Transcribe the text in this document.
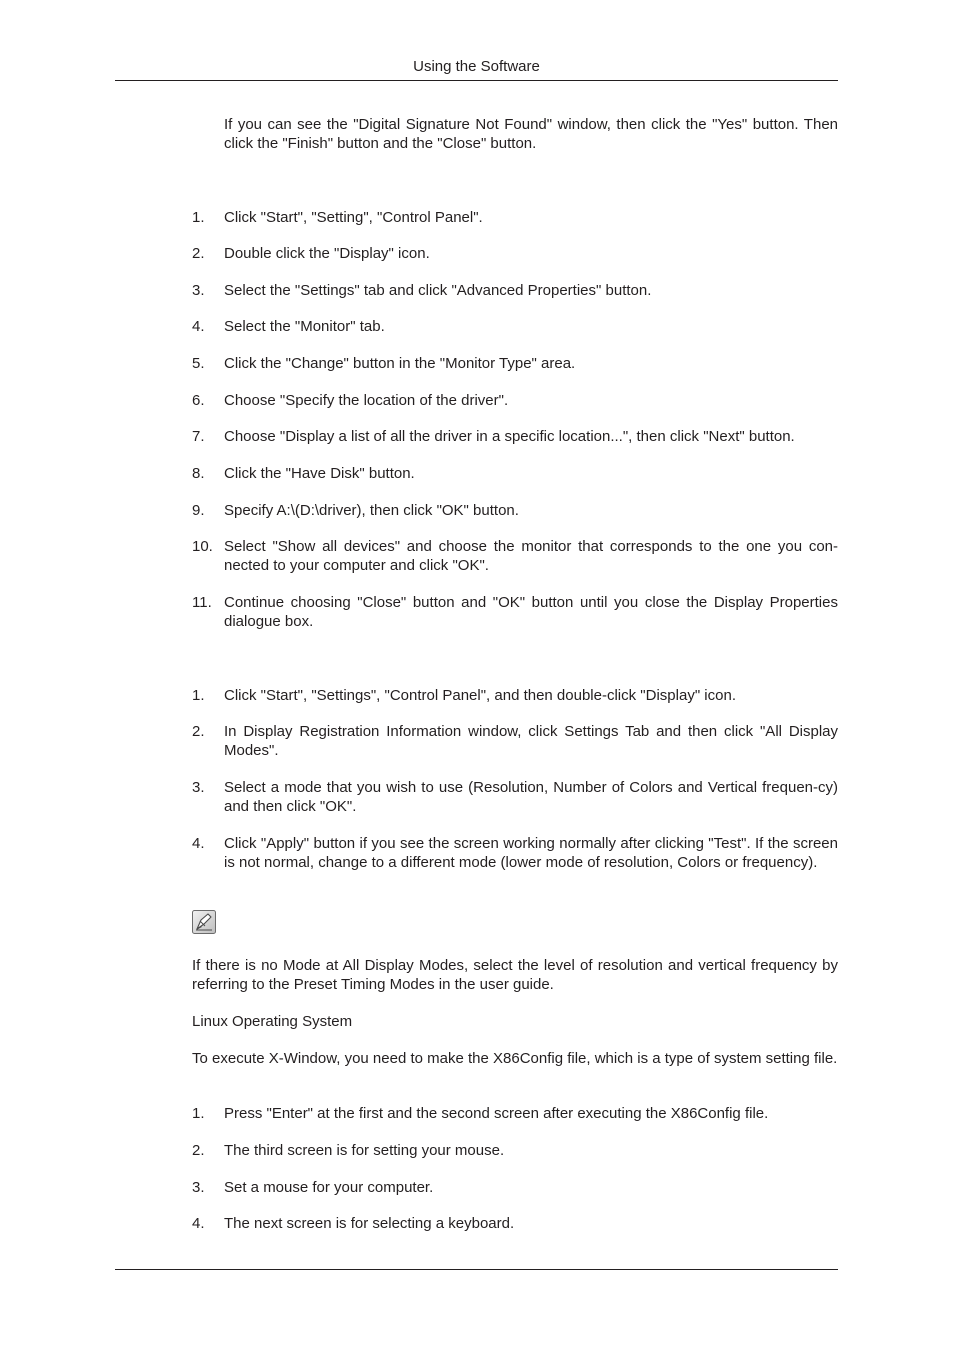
Using the Software
If you can see the "Digital Signature Not Found" window, then click the "Yes" button. Then click the "Finish" button and the "Close" button.
1. Click "Start", "Setting", "Control Panel".
2. Double click the "Display" icon.
3. Select the "Settings" tab and click "Advanced Properties" button.
4. Select the "Monitor" tab.
5. Click the "Change" button in the "Monitor Type" area.
6. Choose "Specify the location of the driver".
7. Choose "Display a list of all the driver in a specific location...", then click "Next" button.
8. Click the "Have Disk" button.
9. Specify A:\(D:\driver), then click "OK" button.
10. Select "Show all devices" and choose the monitor that corresponds to the one you con-nected to your computer and click "OK".
11. Continue choosing "Close" button and "OK" button until you close the Display Properties dialogue box.
1. Click "Start", "Settings", "Control Panel", and then double-click "Display" icon.
2. In Display Registration Information window, click Settings Tab and then click "All Display Modes".
3. Select a mode that you wish to use (Resolution, Number of Colors and Vertical frequen-cy) and then click "OK".
4. Click "Apply" button if you see the screen working normally after clicking "Test". If the screen is not normal, change to a different mode (lower mode of resolution, Colors or frequency).
If there is no Mode at All Display Modes, select the level of resolution and vertical frequency by referring to the Preset Timing Modes in the user guide.
Linux Operating System
To execute X-Window, you need to make the X86Config file, which is a type of system setting file.
1. Press "Enter" at the first and the second screen after executing the X86Config file.
2. The third screen is for setting your mouse.
3. Set a mouse for your computer.
4. The next screen is for selecting a keyboard.
